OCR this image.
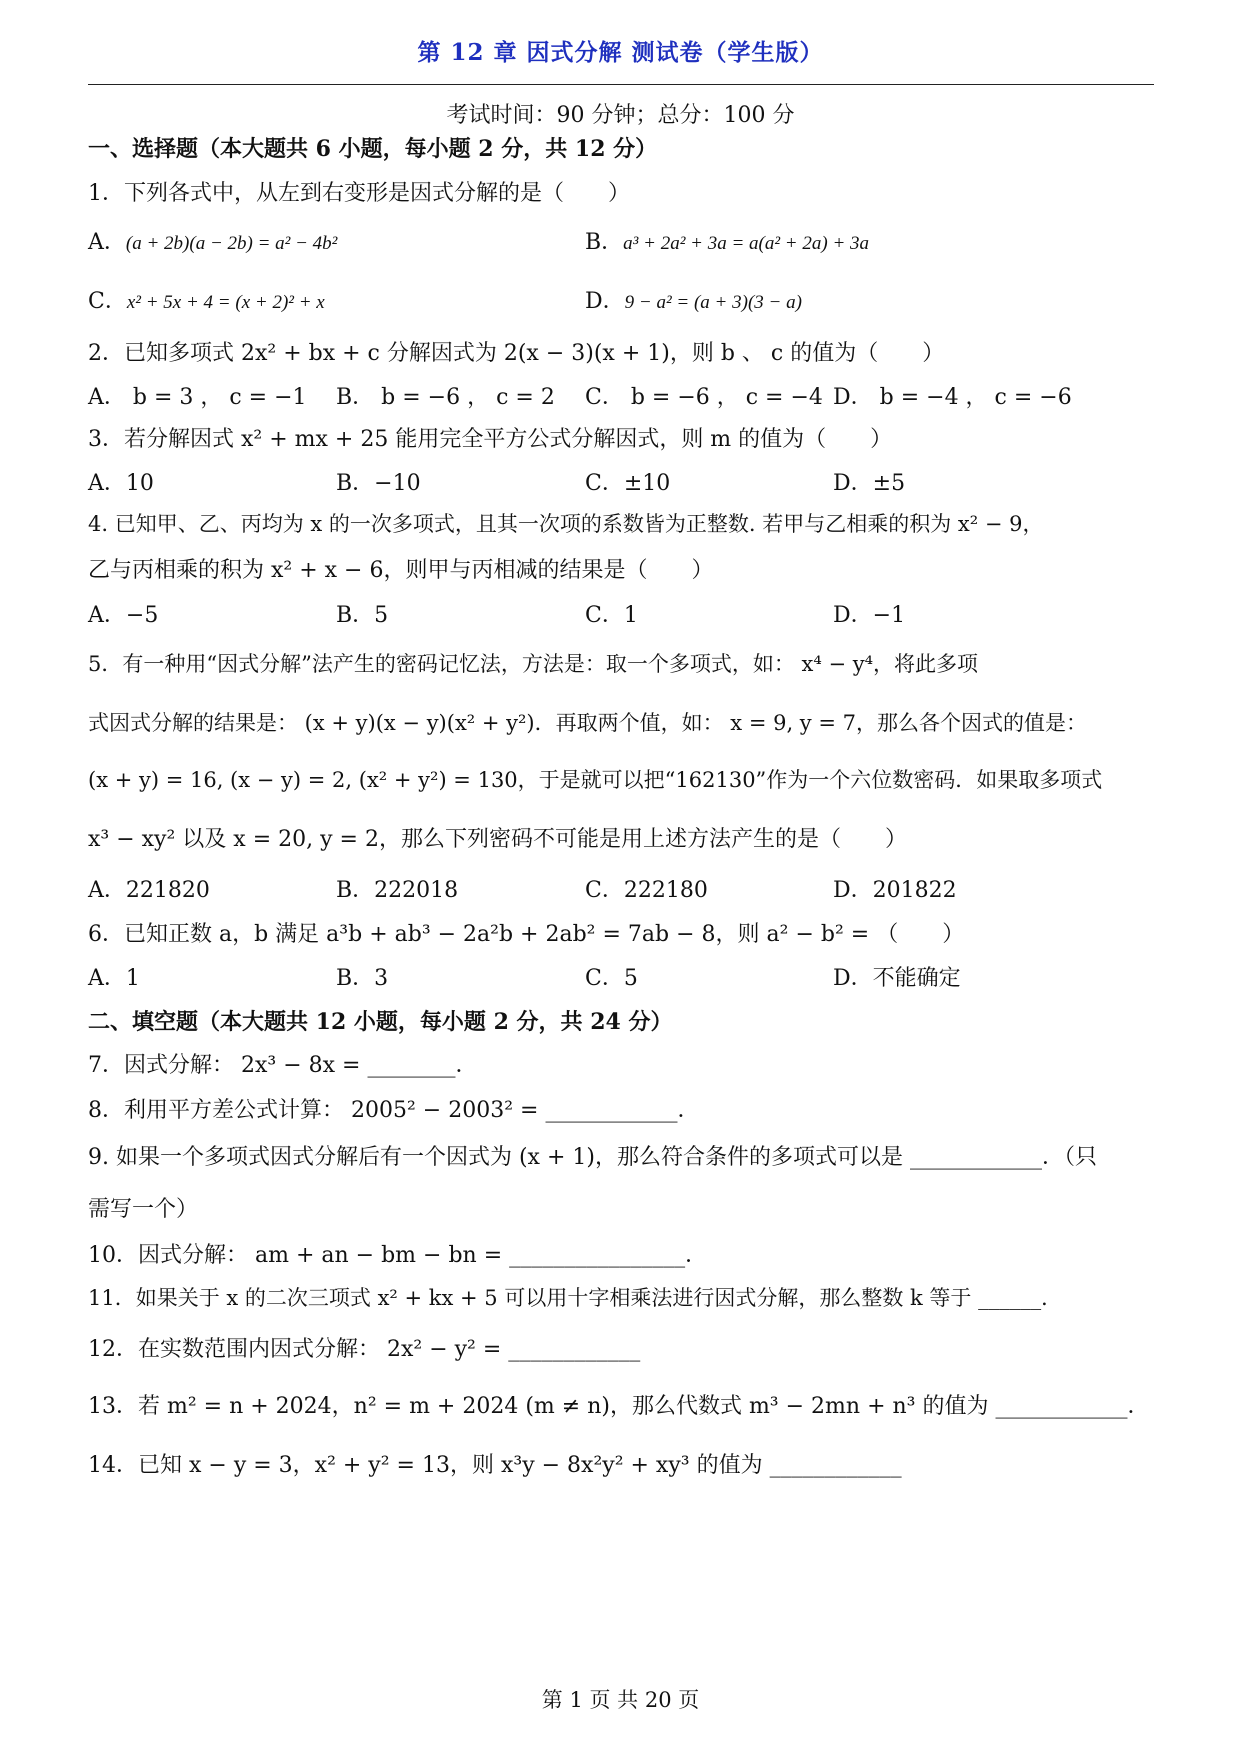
第 12 章 因式分解 测试卷（学生版）
考试时间：90 分钟；总分：100 分
一、选择题（本大题共 6 小题，每小题 2 分，共 12 分）
1．下列各式中，从左到右变形是因式分解的是（　　）
A．(a + 2b)(a − 2b) = a² − 4b²	B．a³ + 2a² + 3a = a(a² + 2a) + 3a
C．x² + 5x + 4 = (x + 2)² + x	D．9 − a² = (a + 3)(3 − a)
2．已知多项式 2x² + bx + c 分解因式为 2(x − 3)(x + 1)，则 b 、 c 的值为（　　）
A． b = 3 ， c = −1 B． b = −6 ， c = 2 C． b = −6 ， c = −4 D． b = −4 ， c = −6
3．若分解因式 x² + mx + 25 能用完全平方公式分解因式，则 m 的值为（　　）
A．10	B．−10	C．±10	D．±5
4. 已知甲、乙、丙均为 x 的一次多项式，且其一次项的系数皆为正整数. 若甲与乙相乘的积为 x² − 9，
乙与丙相乘的积为 x² + x − 6，则甲与丙相减的结果是（　　）
A．−5	B．5	C．1	D．−1
5．有一种用“因式分解”法产生的密码记忆法，方法是：取一个多项式，如： x⁴ − y⁴，将此多项
式因式分解的结果是： (x + y)(x − y)(x² + y²)．再取两个值，如： x = 9, y = 7，那么各个因式的值是：
(x + y) = 16, (x − y) = 2, (x² + y²) = 130，于是就可以把“162130”作为一个六位数密码．如果取多项式
x³ − xy² 以及 x = 20, y = 2，那么下列密码不可能是用上述方法产生的是（　　）
A．221820	B．222018	C．222180	D．201822
6．已知正数 a，b 满足 a³b + ab³ − 2a²b + 2ab² = 7ab − 8，则 a² − b² = （　　）
A．1	B．3	C．5	D．不能确定
二、填空题（本大题共 12 小题，每小题 2 分，共 24 分）
7．因式分解： 2x³ − 8x = ________．
8．利用平方差公式计算： 2005² − 2003² = ____________．
9. 如果一个多项式因式分解后有一个因式为 (x + 1)，那么符合条件的多项式可以是 ____________．（只
需写一个）
10．因式分解： am + an − bm − bn = ________________．
11．如果关于 x 的二次三项式 x² + kx + 5 可以用十字相乘法进行因式分解，那么整数 k 等于 ______．
12．在实数范围内因式分解： 2x² − y² = ____________
13．若 m² = n + 2024，n² = m + 2024 (m ≠ n)，那么代数式 m³ − 2mn + n³ 的值为 ____________．
14．已知 x − y = 3，x² + y² = 13，则 x³y − 8x²y² + xy³ 的值为 ____________
第 1 页 共 20 页
